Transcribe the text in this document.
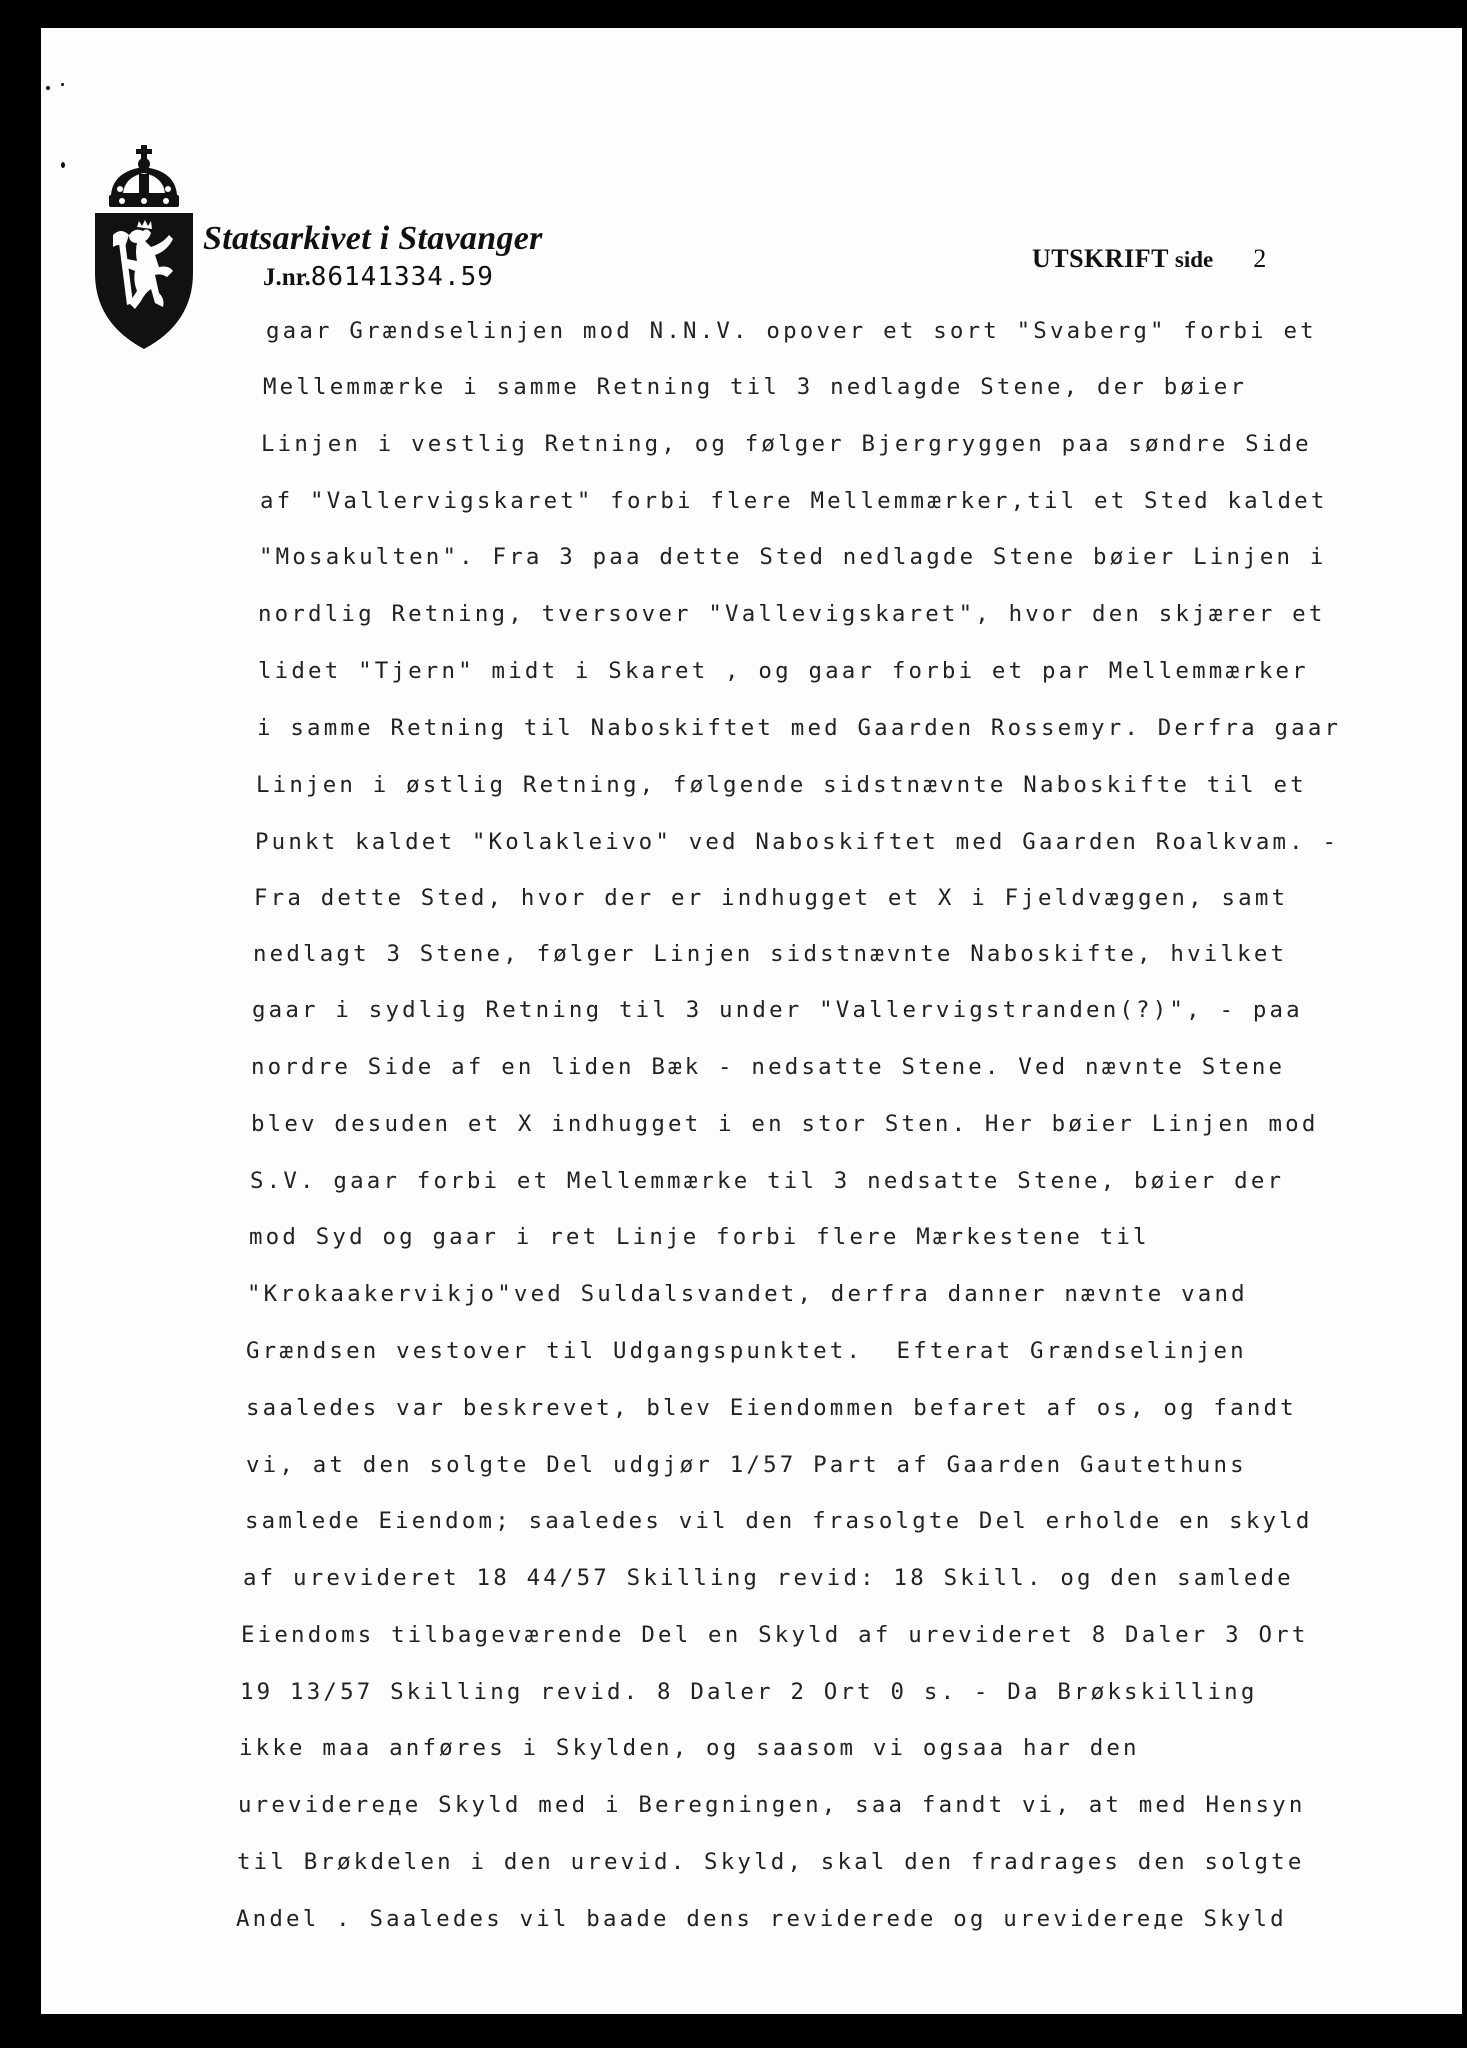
Statsarkivet i Stavanger
J.nr.86141334.59
UTSKRIFT side 2
gaar Grændselinjen mod N.N.V. opover et sort "Svaberg" forbi et
Mellemmærke i samme Retning til 3 nedlagde Stene, der bøier
Linjen i vestlig Retning, og følger Bjergryggen paa søndre Side
af "Vallervigskaret" forbi flere Mellemmærker,til et Sted kaldet
"Mosakulten". Fra 3 paa dette Sted nedlagde Stene bøier Linjen i
nordlig Retning, tversover "Vallevigskaret", hvor den skjærer et
lidet "Tjern" midt i Skaret , og gaar forbi et par Mellemmærker
i samme Retning til Naboskiftet med Gaarden Rossemyr. Derfra gaar
Linjen i østlig Retning, følgende sidstnævnte Naboskifte til et
Punkt kaldet "Kolakleivo" ved Naboskiftet med Gaarden Roalkvam. -
Fra dette Sted, hvor der er indhugget et X i Fjeldvæggen, samt
nedlagt 3 Stene, følger Linjen sidstnævnte Naboskifte, hvilket
gaar i sydlig Retning til 3 under "Vallervigstranden(?)", - paa
nordre Side af en liden Bæk - nedsatte Stene. Ved nævnte Stene
blev desuden et X indhugget i en stor Sten. Her bøier Linjen mod
S.V. gaar forbi et Mellemmærke til 3 nedsatte Stene, bøier der
mod Syd og gaar i ret Linje forbi flere Mærkestene til
"Krokaakervikjo"ved Suldalsvandet, derfra danner nævnte vand
Grændsen vestover til Udgangspunktet.  Efterat Grændselinjen
saaledes var beskrevet, blev Eiendommen befaret af os, og fandt
vi, at den solgte Del udgjør 1/57 Part af Gaarden Gautethuns
samlede Eiendom; saaledes vil den frasolgte Del erholde en skyld
af urevideret 18 44/57 Skilling revid: 18 Skill. og den samlede
Eiendoms tilbageværende Del en Skyld af urevideret 8 Daler 3 Ort
19 13/57 Skilling revid. 8 Daler 2 Ort 0 s. - Da Brøkskilling
ikke maa anføres i Skylden, og saasom vi ogsaa har den
urevidereде Skyld med i Beregningen, saa fandt vi, at med Hensyn
til Brøkdelen i den urevid. Skyld, skal den fradrages den solgte
Andel . Saaledes vil baade dens reviderede og urevidereде Skyld
